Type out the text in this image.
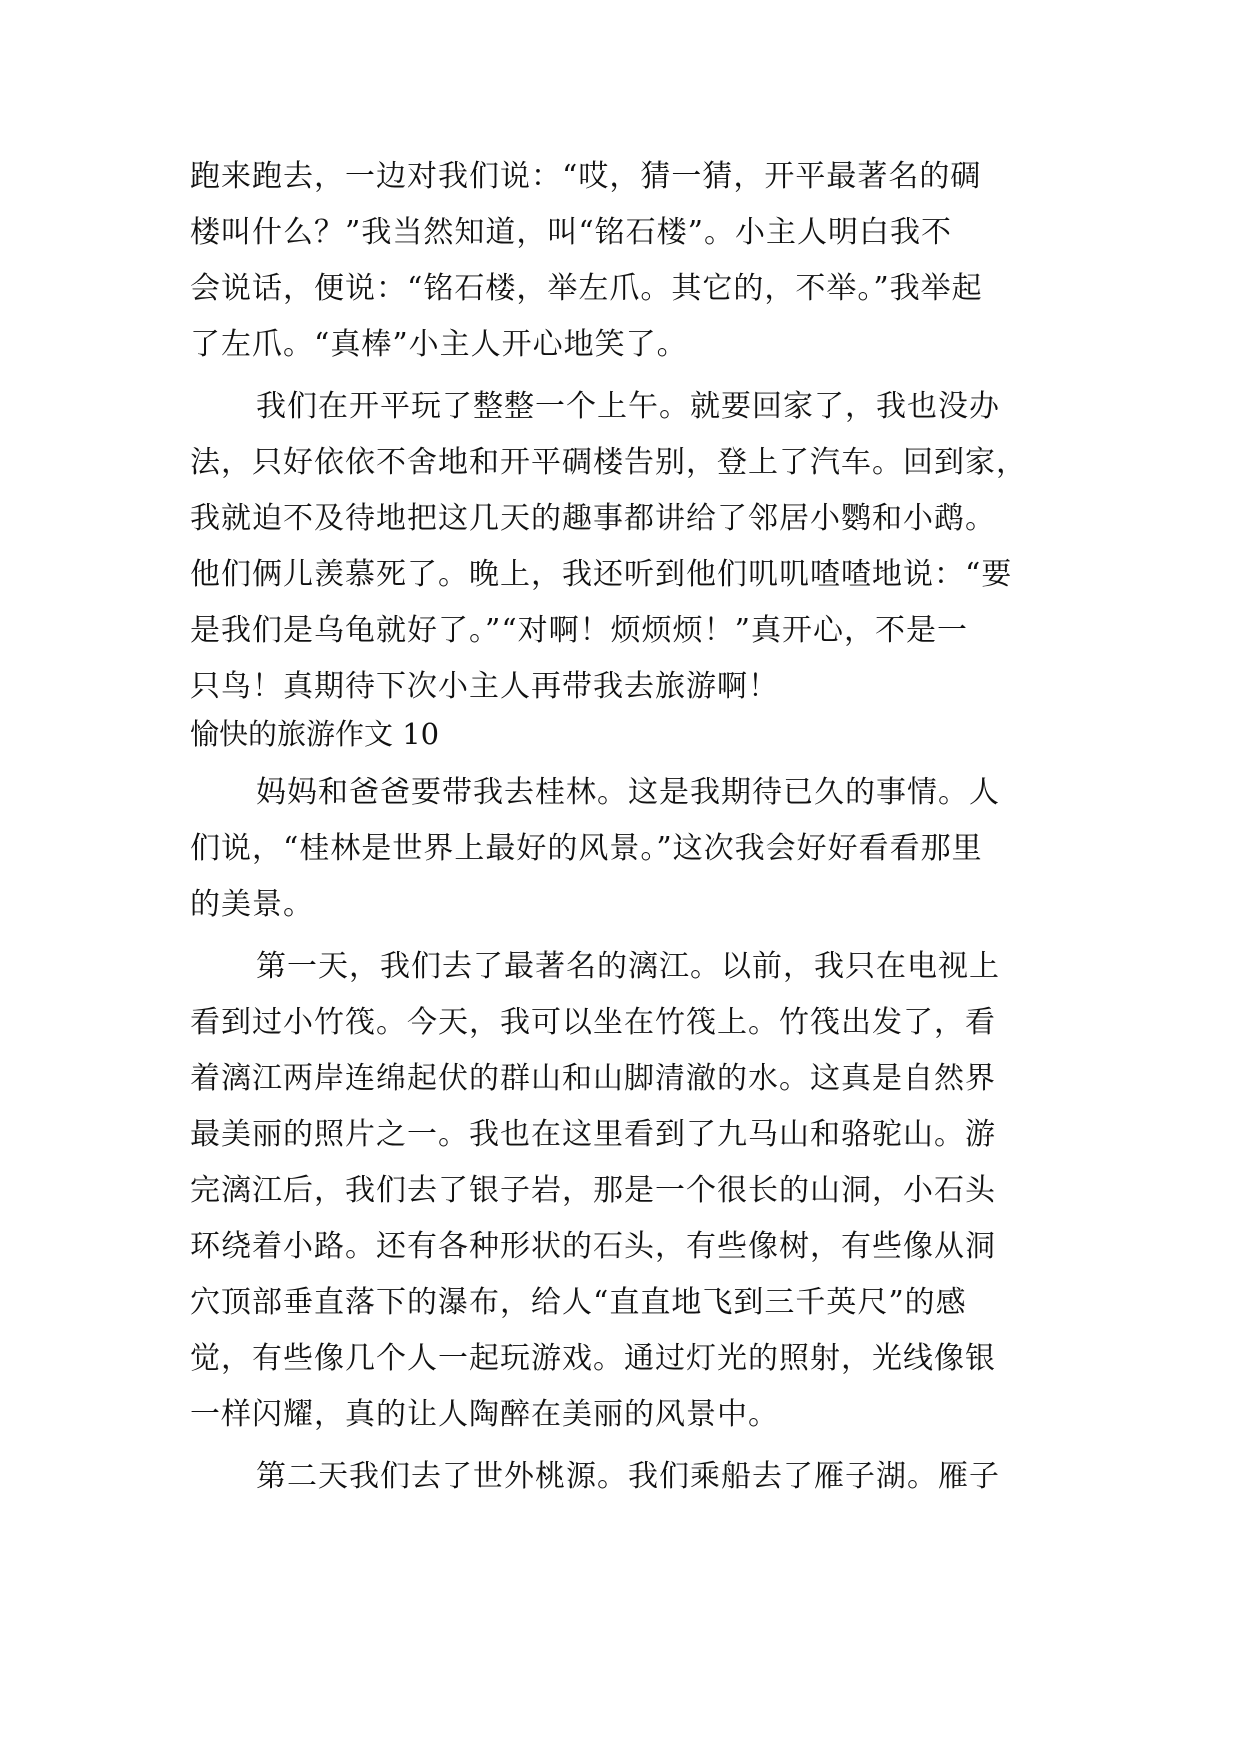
跑来跑去，一边对我们说：“哎，猜一猜，开平最著名的碉
楼叫什么？”我当然知道，叫“铭石楼”。小主人明白我不
会说话，便说：“铭石楼，举左爪。其它的，不举。”我举起
了左爪。“真棒”小主人开心地笑了。
我们在开平玩了整整一个上午。就要回家了，我也没办
法，只好依依不舍地和开平碉楼告别，登上了汽车。回到家，
我就迫不及待地把这几天的趣事都讲给了邻居小鹦和小鹉。
他们俩儿羡慕死了。晚上，我还听到他们叽叽喳喳地说：“要
是我们是乌龟就好了。”“对啊！烦烦烦！”真开心，不是一
只鸟！真期待下次小主人再带我去旅游啊！
愉快的旅游作文 10
妈妈和爸爸要带我去桂林。这是我期待已久的事情。人
们说，“桂林是世界上最好的风景。”这次我会好好看看那里
的美景。
第一天，我们去了最著名的漓江。以前，我只在电视上
看到过小竹筏。今天，我可以坐在竹筏上。竹筏出发了，看
着漓江两岸连绵起伏的群山和山脚清澈的水。这真是自然界
最美丽的照片之一。我也在这里看到了九马山和骆驼山。游
完漓江后，我们去了银子岩，那是一个很长的山洞，小石头
环绕着小路。还有各种形状的石头，有些像树，有些像从洞
穴顶部垂直落下的瀑布，给人“直直地飞到三千英尺”的感
觉，有些像几个人一起玩游戏。通过灯光的照射，光线像银
一样闪耀，真的让人陶醉在美丽的风景中。
第二天我们去了世外桃源。我们乘船去了雁子湖。雁子
